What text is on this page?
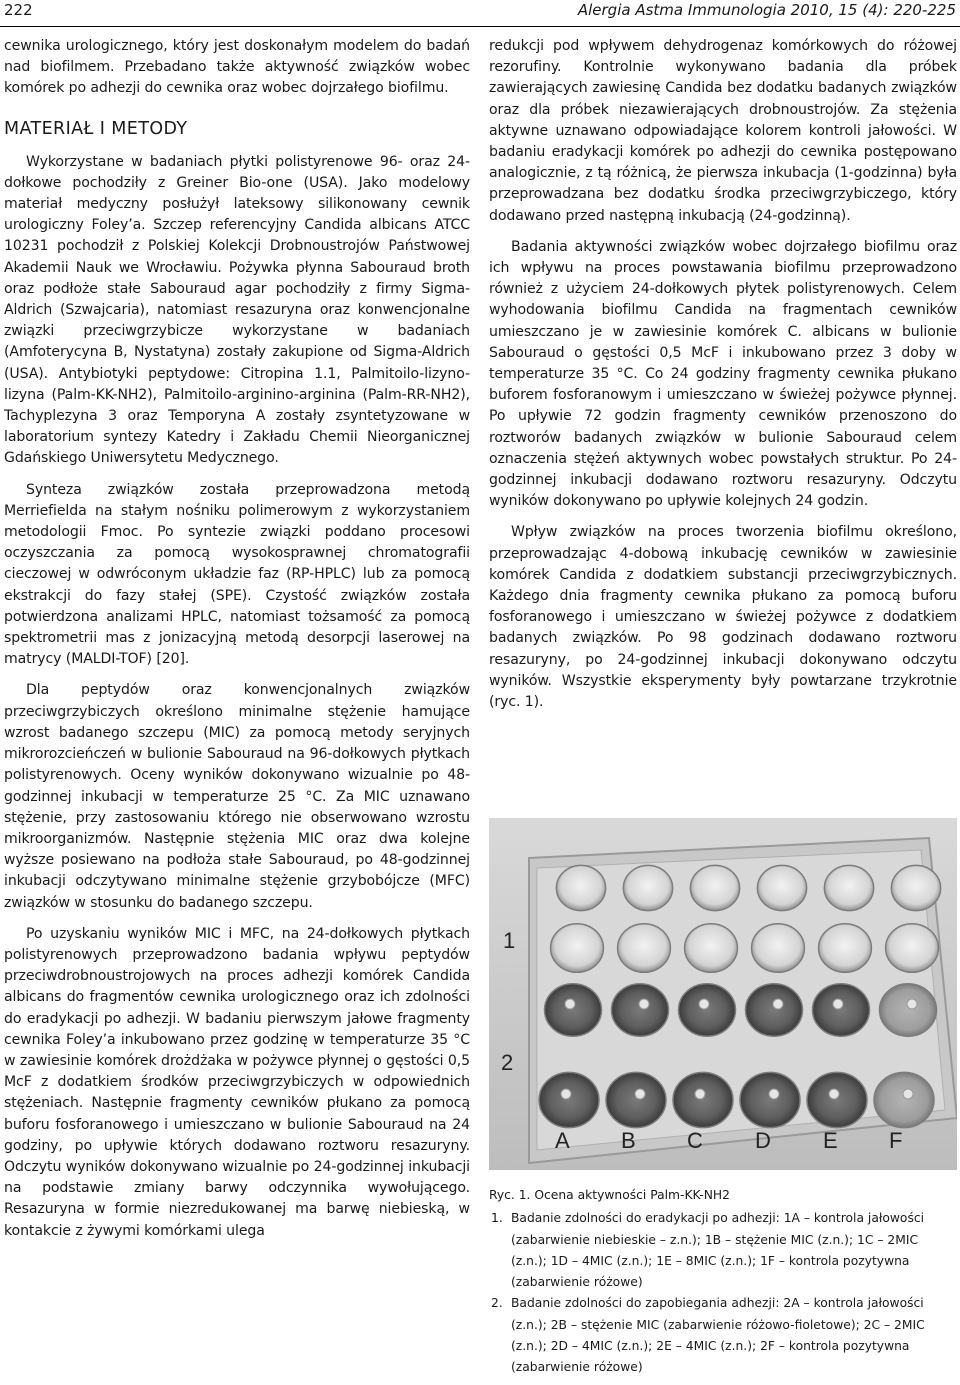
222	Alergia Astma Immunologia 2010, 15 (4): 220-225

cewnika urologicznego, który jest doskonałym modelem do badań nad biofilmem. Przebadano także aktywność związków wobec komórek po adhezji do cewnika oraz wobec dojrzałego biofilmu.

MATERIAŁ I METODY

Wykorzystane w badaniach płytki polistyrenowe 96- oraz 24-dołkowe pochodziły z Greiner Bio-one (USA). Jako modelowy materiał medyczny posłużył lateksowy silikonowany cewnik urologiczny Foley’a. Szczep referencyjny Candida albicans ATCC 10231 pochodził z Polskiej Kolekcji Drobnoustrojów Państwowej Akademii Nauk we Wrocławiu. Pożywka płynna Sabouraud broth oraz podłoże stałe Sabouraud agar pochodziły z firmy Sigma-Aldrich (Szwajcaria), natomiast resazuryna oraz konwencjonalne związki przeciwgrzybicze wykorzystane w badaniach (Amfoterycyna B, Nystatyna) zostały zakupione od Sigma-Aldrich (USA). Antybiotyki peptydowe: Citropina 1.1, Palmitoilo-lizyno-lizyna (Palm-KK-NH2), Palmitoilo-arginino-arginina (Palm-RR-NH2), Tachyplezyna 3 oraz Temporyna A zostały zsyntetyzowane w laboratorium syntezy Katedry i Zakładu Chemii Nieorganicznej Gdańskiego Uniwersytetu Medycznego.

Synteza związków została przeprowadzona metodą Merriefielda na stałym nośniku polimerowym z wykorzystaniem metodologii Fmoc. Po syntezie związki poddano procesowi oczyszczania za pomocą wysokosprawnej chromatografii cieczowej w odwróconym układzie faz (RP-HPLC) lub za pomocą ekstrakcji do fazy stałej (SPE). Czystość związków została potwierdzona analizami HPLC, natomiast tożsamość za pomocą spektrometrii mas z jonizacyjną metodą desorpcji laserowej na matrycy (MALDI-TOF) [20].

Dla peptydów oraz konwencjonalnych związków przeciwgrzybiczych określono minimalne stężenie hamujące wzrost badanego szczepu (MIC) za pomocą metody seryjnych mikrorozcieńczeń w bulionie Sabouraud na 96-dołkowych płytkach polistyrenowych. Oceny wyników dokonywano wizualnie po 48-godzinnej inkubacji w temperaturze 25 °C. Za MIC uznawano stężenie, przy zastosowaniu którego nie obserwowano wzrostu mikroorganizmów. Następnie stężenia MIC oraz dwa kolejne wyższe posiewano na podłoża stałe Sabouraud, po 48-godzinnej inkubacji odczytywano minimalne stężenie grzybobójcze (MFC) związków w stosunku do badanego szczepu.

Po uzyskaniu wyników MIC i MFC, na 24-dołkowych płytkach polistyrenowych przeprowadzono badania wpływu peptydów przeciwdrobnoustrojowych na proces adhezji komórek Candida albicans do fragmentów cewnika urologicznego oraz ich zdolności do eradykacji po adhezji. W badaniu pierwszym jałowe fragmenty cewnika Foley’a inkubowano przez godzinę w temperaturze 35 °C w zawiesinie komórek drożdżaka w pożywce płynnej o gęstości 0,5 McF z dodatkiem środków przeciwgrzybiczych w odpowiednich stężeniach. Następnie fragmenty cewników płukano za pomocą buforu fosforanowego i umieszczano w bulionie Sabouraud na 24 godziny, po upływie których dodawano roztworu resazuryny. Odczytu wyników dokonywano wizualnie po 24-godzinnej inkubacji na podstawie zmiany barwy odczynnika wywołującego. Resazuryna w formie niezredukowanej ma barwę niebieską, w kontakcie z żywymi komórkami ulega

redukcji pod wpływem dehydrogenaz komórkowych do różowej rezorufiny. Kontrolnie wykonywano badania dla próbek zawierających zawiesinę Candida bez dodatku badanych związków oraz dla próbek niezawierających drobnoustrojów. Za stężenia aktywne uznawano odpowiadające kolorem kontroli jałowości. W badaniu eradykacji komórek po adhezji do cewnika postępowano analogicznie, z tą różnicą, że pierwsza inkubacja (1-godzinna) była przeprowadzana bez dodatku środka przeciwgrzybiczego, który dodawano przed następną inkubacją (24-godzinną).

Badania aktywności związków wobec dojrzałego biofilmu oraz ich wpływu na proces powstawania biofilmu przeprowadzono również z użyciem 24-dołkowych płytek polistyrenowych. Celem wyhodowania biofilmu Candida na fragmentach cewników umieszczano je w zawiesinie komórek C. albicans w bulionie Sabouraud o gęstości 0,5 McF i inkubowano przez 3 doby w temperaturze 35 °C. Co 24 godziny fragmenty cewnika płukano buforem fosforanowym i umieszczano w świeżej pożywce płynnej. Po upływie 72 godzin fragmenty cewników przenoszono do roztworów badanych związków w bulionie Sabouraud celem oznaczenia stężeń aktywnych wobec powstałych struktur. Po 24-godzinnej inkubacji dodawano roztworu resazuryny. Odczytu wyników dokonywano po upływie kolejnych 24 godzin.

Wpływ związków na proces tworzenia biofilmu określono, przeprowadzając 4-dobową inkubację cewników w zawiesinie komórek Candida z dodatkiem substancji przeciwgrzybicznych. Każdego dnia fragmenty cewnika płukano za pomocą buforu fosforanowego i umieszczano w świeżej pożywce z dodatkiem badanych związków. Po 98 godzinach dodawano roztworu resazuryny, po 24-godzinnej inkubacji dokonywano odczytu wyników. Wszystkie eksperymenty były powtarzane trzykrotnie (ryc. 1).

1
2
A B C D E F

Ryc. 1. Ocena aktywności Palm-KK-NH2

1. Badanie zdolności do eradykacji po adhezji: 1A – kontrola jałowości (zabarwienie niebieskie – z.n.); 1B – stężenie MIC (z.n.); 1C – 2MIC (z.n.); 1D – 4MIC (z.n.); 1E – 8MIC (z.n.); 1F – kontrola pozytywna (zabarwienie różowe)
2. Badanie zdolności do zapobiegania adhezji: 2A – kontrola jałowości (z.n.); 2B – stężenie MIC (zabarwienie różowo-fioletowe); 2C – 2MIC (z.n.); 2D – 4MIC (z.n.); 2E – 4MIC (z.n.); 2F – kontrola pozytywna (zabarwienie różowe)
